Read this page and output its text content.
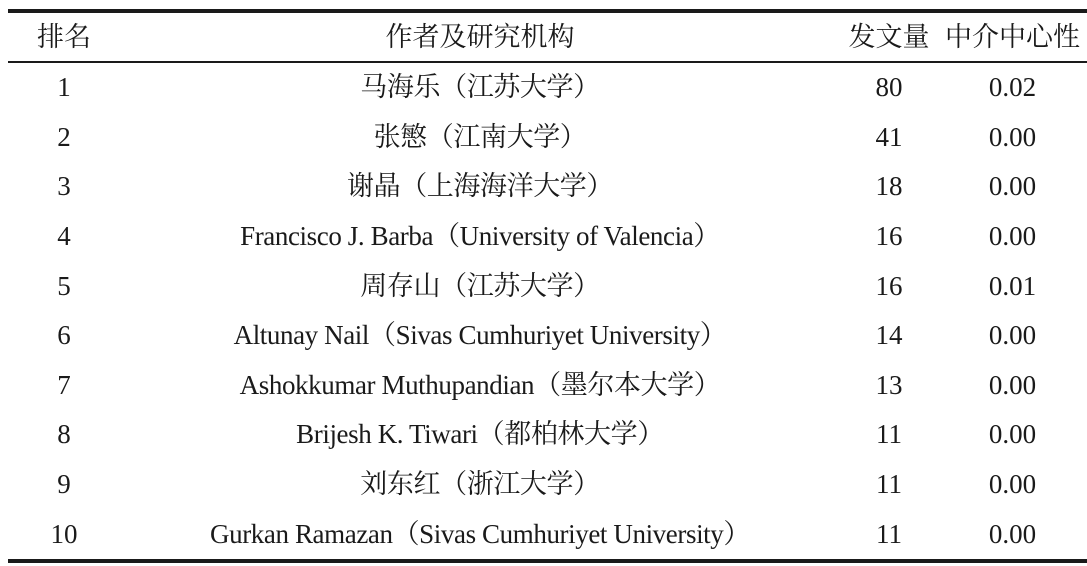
排名	作者及研究机构	发文量	中介中心性
1	马海乐（江苏大学）	80	0.02
2	张慜（江南大学）	41	0.00
3	谢晶（上海海洋大学）	18	0.00
4	Francisco J. Barba（University of Valencia）	16	0.00
5	周存山（江苏大学）	16	0.01
6	Altunay Nail（Sivas Cumhuriyet University）	14	0.00
7	Ashokkumar Muthupandian（墨尔本大学）	13	0.00
8	Brijesh K. Tiwari（都柏林大学）	11	0.00
9	刘东红（浙江大学）	11	0.00
10	Gurkan Ramazan（Sivas Cumhuriyet University）	11	0.00
